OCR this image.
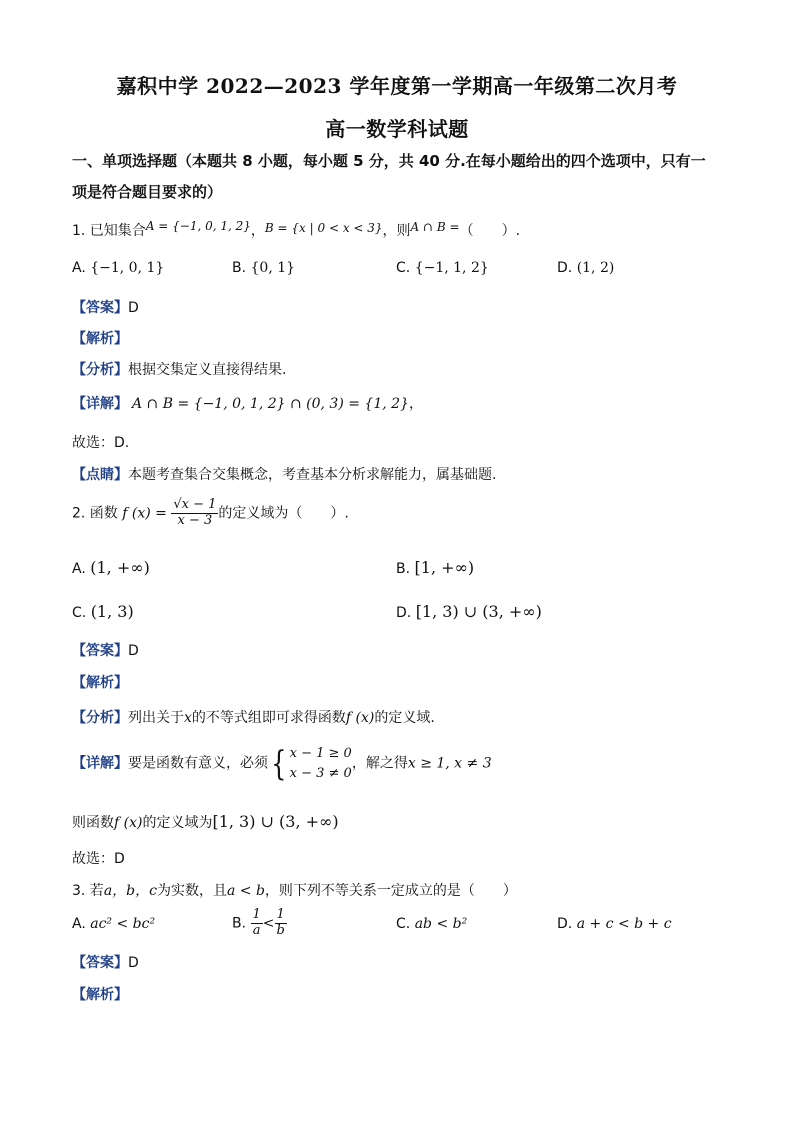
嘉积中学 2022—2023 学年度第一学期高一年级第二次月考
高一数学科试题
一、单项选择题（本题共 8 小题，每小题 5 分，共 40 分.在每小题给出的四个选项中，只有一
项是符合题目要求的）
1. 已知集合A = {−1, 0, 1, 2}，B = {x | 0 < x < 3}，则A ∩ B =（　　）.
A. {−1, 0, 1}	B. {0, 1}	C. {−1, 1, 2}	D. (1, 2)
【答案】D
【解析】
【分析】根据交集定义直接得结果.
【详解】 A ∩ B = {−1, 0, 1, 2} ∩ (0, 3) = {1, 2}，
故选：D.
【点睛】本题考查集合交集概念，考查基本分析求解能力，属基础题.
2. 函数 f $(x) = \frac{√x - 1}{x - 3}$ 的定义域为（　　）.
A. (1, +∞)	B. [1, +∞)
C. (1, 3)	D. [1, 3) ∪ (3, +∞)
【答案】D
【解析】
【分析】列出关于x的不等式组即可求得函数f (x)的定义域.
【详解】要是函数有意义，必须{ x − 1 ≥ 0
x − 3 ≠ 0
，解之得x ≥ 1, x ≠ 3
则函数f (x)的定义域为[1, 3) ∪ (3, +∞)
故选：D
3. 若a，b，c为实数，且a < b，则下列不等关系一定成立的是（　　）
A. ac² < bc²	B. $\frac{1}{a} < \frac{1}{b}$	C. ab < b²	D. a + c < b + c
【答案】D
【解析】
